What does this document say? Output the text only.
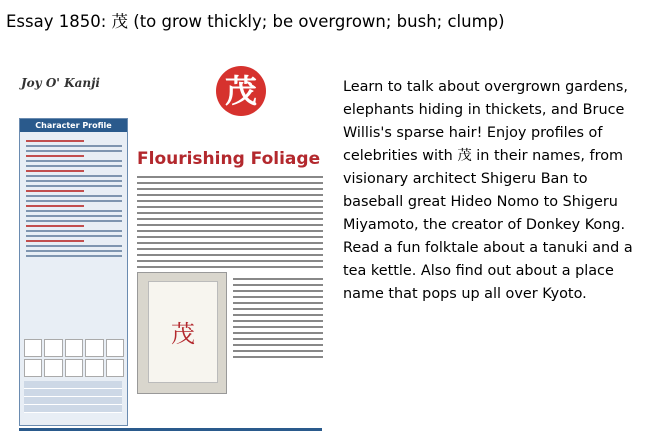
Essay 1850: 茂 (to grow thickly; be overgrown; bush; clump)
Joy O' Kanji	茂
Flourishing Foliage
Character Profile
茂
Learn to talk about overgrown gardens, elephants hiding in thickets, and Bruce Willis's sparse hair! Enjoy profiles of celebrities with 茂 in their names, from visionary architect Shigeru Ban to baseball great Hideo Nomo to Shigeru Miyamoto, the creator of Donkey Kong. Read a fun folktale about a tanuki and a tea kettle. Also find out about a place name that pops up all over Kyoto.
